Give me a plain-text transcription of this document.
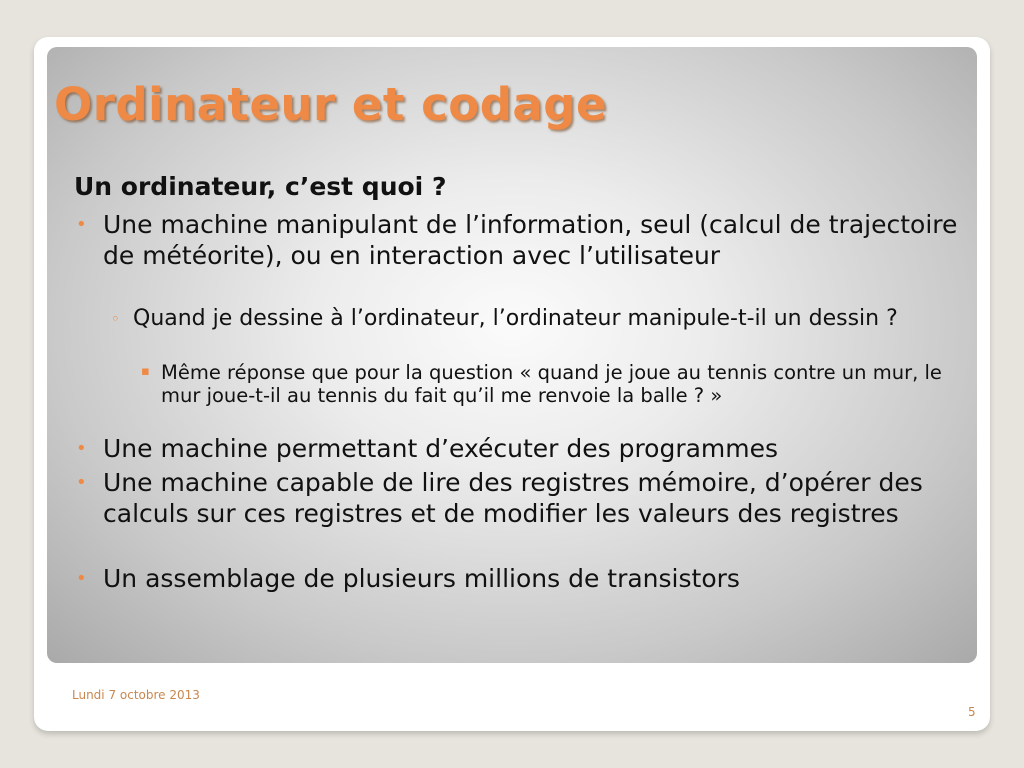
Ordinateur et codage
Un ordinateur, c’est quoi ?
• Une machine manipulant de l’information, seul (calcul de trajectoire de météorite), ou en interaction avec l’utilisateur
◦ Quand je dessine à l’ordinateur, l’ordinateur manipule-t-il un dessin ?
▪ Même réponse que pour la question « quand je joue au tennis contre un mur, le mur joue-t-il au tennis du fait qu’il me renvoie la balle ? »
• Une machine permettant d’exécuter des programmes
• Une machine capable de lire des registres mémoire, d’opérer des calculs sur ces registres et de modifier les valeurs des registres
• Un assemblage de plusieurs millions de transistors
Lundi 7 octobre 2013
5
